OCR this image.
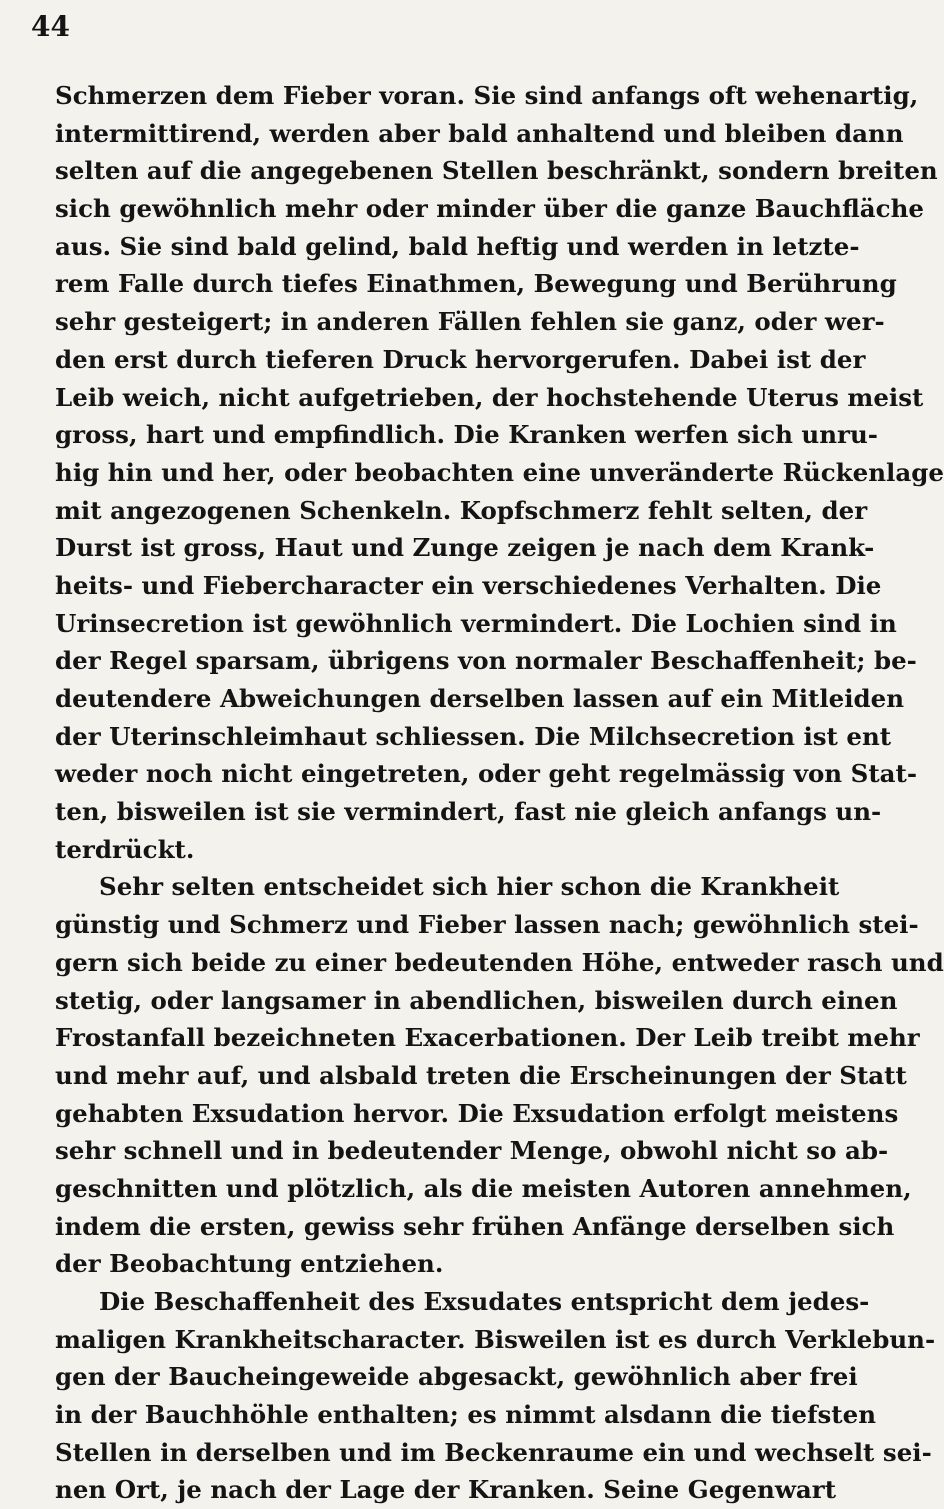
44
Schmerzen dem Fieber voran. Sie sind anfangs oft wehenartig,
intermittirend, werden aber bald anhaltend und bleiben dann
selten auf die angegebenen Stellen beschränkt, sondern breiten
sich gewöhnlich mehr oder minder über die ganze Bauchfläche
aus. Sie sind bald gelind, bald heftig und werden in letzte-
rem Falle durch tiefes Einathmen, Bewegung und Berührung
sehr gesteigert; in anderen Fällen fehlen sie ganz, oder wer-
den erst durch tieferen Druck hervorgerufen. Dabei ist der
Leib weich, nicht aufgetrieben, der hochstehende Uterus meist
gross, hart und empfindlich. Die Kranken werfen sich unru-
hig hin und her, oder beobachten eine unveränderte Rückenlage
mit angezogenen Schenkeln. Kopfschmerz fehlt selten, der
Durst ist gross, Haut und Zunge zeigen je nach dem Krank-
heits- und Fiebercharacter ein verschiedenes Verhalten. Die
Urinsecretion ist gewöhnlich vermindert. Die Lochien sind in
der Regel sparsam, übrigens von normaler Beschaffenheit; be-
deutendere Abweichungen derselben lassen auf ein Mitleiden
der Uterinschleimhaut schliessen. Die Milchsecretion ist ent
weder noch nicht eingetreten, oder geht regelmässig von Stat-
ten, bisweilen ist sie vermindert, fast nie gleich anfangs un-
terdrückt.
Sehr selten entscheidet sich hier schon die Krankheit
günstig und Schmerz und Fieber lassen nach; gewöhnlich stei-
gern sich beide zu einer bedeutenden Höhe, entweder rasch und
stetig, oder langsamer in abendlichen, bisweilen durch einen
Frostanfall bezeichneten Exacerbationen. Der Leib treibt mehr
und mehr auf, und alsbald treten die Erscheinungen der Statt
gehabten Exsudation hervor. Die Exsudation erfolgt meistens
sehr schnell und in bedeutender Menge, obwohl nicht so ab-
geschnitten und plötzlich, als die meisten Autoren annehmen,
indem die ersten, gewiss sehr frühen Anfänge derselben sich
der Beobachtung entziehen.
Die Beschaffenheit des Exsudates entspricht dem jedes-
maligen Krankheitscharacter. Bisweilen ist es durch Verklebun-
gen der Baucheingeweide abgesackt, gewöhnlich aber frei
in der Bauchhöhle enthalten; es nimmt alsdann die tiefsten
Stellen in derselben und im Beckenraume ein und wechselt sei-
nen Ort, je nach der Lage der Kranken. Seine Gegenwart
